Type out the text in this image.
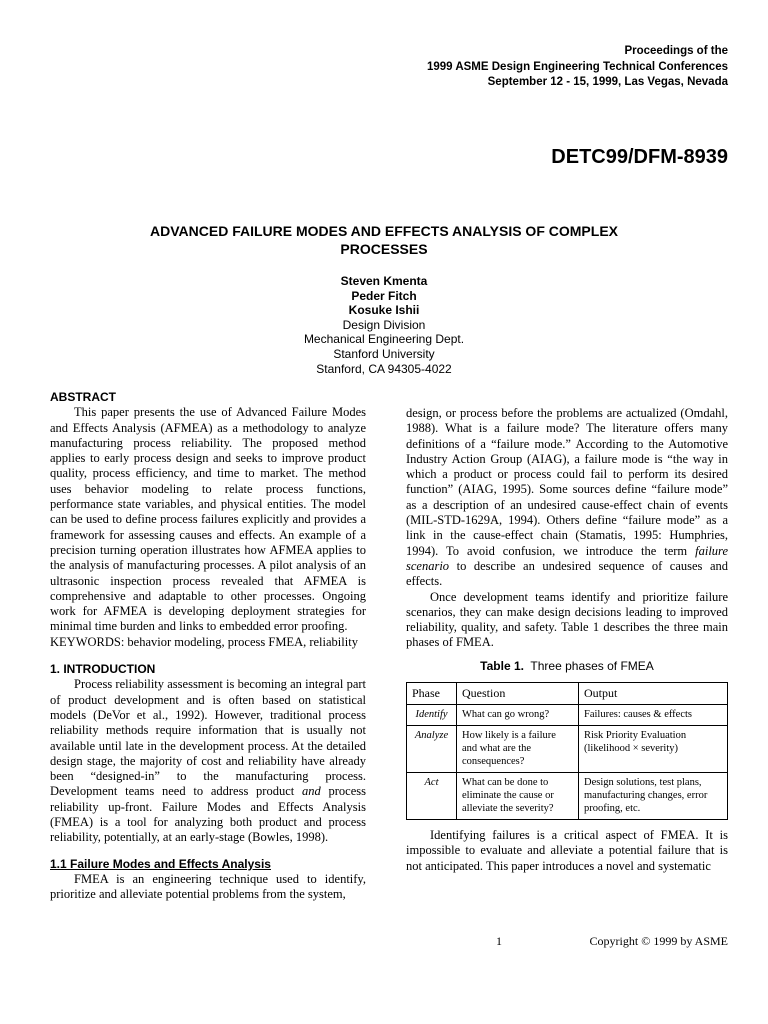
Proceedings of the
1999 ASME Design Engineering Technical Conferences
September 12 - 15, 1999, Las Vegas, Nevada
DETC99/DFM-8939
ADVANCED FAILURE MODES AND EFFECTS ANALYSIS OF COMPLEX
PROCESSES
Steven Kmenta
Peder Fitch
Kosuke Ishii
Design Division
Mechanical Engineering Dept.
Stanford University
Stanford, CA 94305-4022
ABSTRACT

This paper presents the use of Advanced Failure Modes and Effects Analysis (AFMEA) as a methodology to analyze manufacturing process reliability. The proposed method applies to early process design and seeks to improve product quality, process efficiency, and time to market. The method uses behavior modeling to relate process functions, performance state variables, and physical entities. The model can be used to define process failures explicitly and provides a framework for assessing causes and effects. An example of a precision turning operation illustrates how AFMEA applies to the analysis of manufacturing processes. A pilot analysis of an ultrasonic inspection process revealed that AFMEA is comprehensive and adaptable to other processes. Ongoing work for AFMEA is developing deployment strategies for minimal time burden and links to embedded error proofing.

KEYWORDS: behavior modeling, process FMEA, reliability

1. INTRODUCTION

Process reliability assessment is becoming an integral part of product development and is often based on statistical models (DeVor et al., 1992). However, traditional process reliability methods require information that is usually not available until late in the development process. At the detailed design stage, the majority of cost and reliability have already been “designed-in” to the manufacturing process. Development teams need to address product and process reliability up-front. Failure Modes and Effects Analysis (FMEA) is a tool for analyzing both product and process reliability, potentially, at an early-stage (Bowles, 1998).

1.1 Failure Modes and Effects Analysis

FMEA is an engineering technique used to identify, prioritize and alleviate potential problems from the system,

design, or process before the problems are actualized (Omdahl, 1988). What is a failure mode? The literature offers many definitions of a “failure mode.” According to the Automotive Industry Action Group (AIAG), a failure mode is “the way in which a product or process could fail to perform its desired function” (AIAG, 1995). Some sources define “failure mode” as a description of an undesired cause-effect chain of events (MIL-STD-1629A, 1994). Others define “failure mode” as a link in the cause-effect chain (Stamatis, 1995: Humphries, 1994). To avoid confusion, we introduce the term failure scenario to describe an undesired sequence of causes and effects.

Once development teams identify and prioritize failure scenarios, they can make design decisions leading to improved reliability, quality, and safety. Table 1 describes the three main phases of FMEA.

Table 1. Three phases of FMEA
Phase	Question	Output
Identify	What can go wrong?	Failures: causes & effects
Analyze	How likely is a failure and what are the consequences?	Risk Priority Evaluation (likelihood × severity)
Act	What can be done to eliminate the cause or alleviate the severity?	Design solutions, test plans, manufacturing changes, error proofing, etc.

Identifying failures is a critical aspect of FMEA. It is impossible to evaluate and alleviate a potential failure that is not anticipated. This paper introduces a novel and systematic

1	Copyright © 1999 by ASME
